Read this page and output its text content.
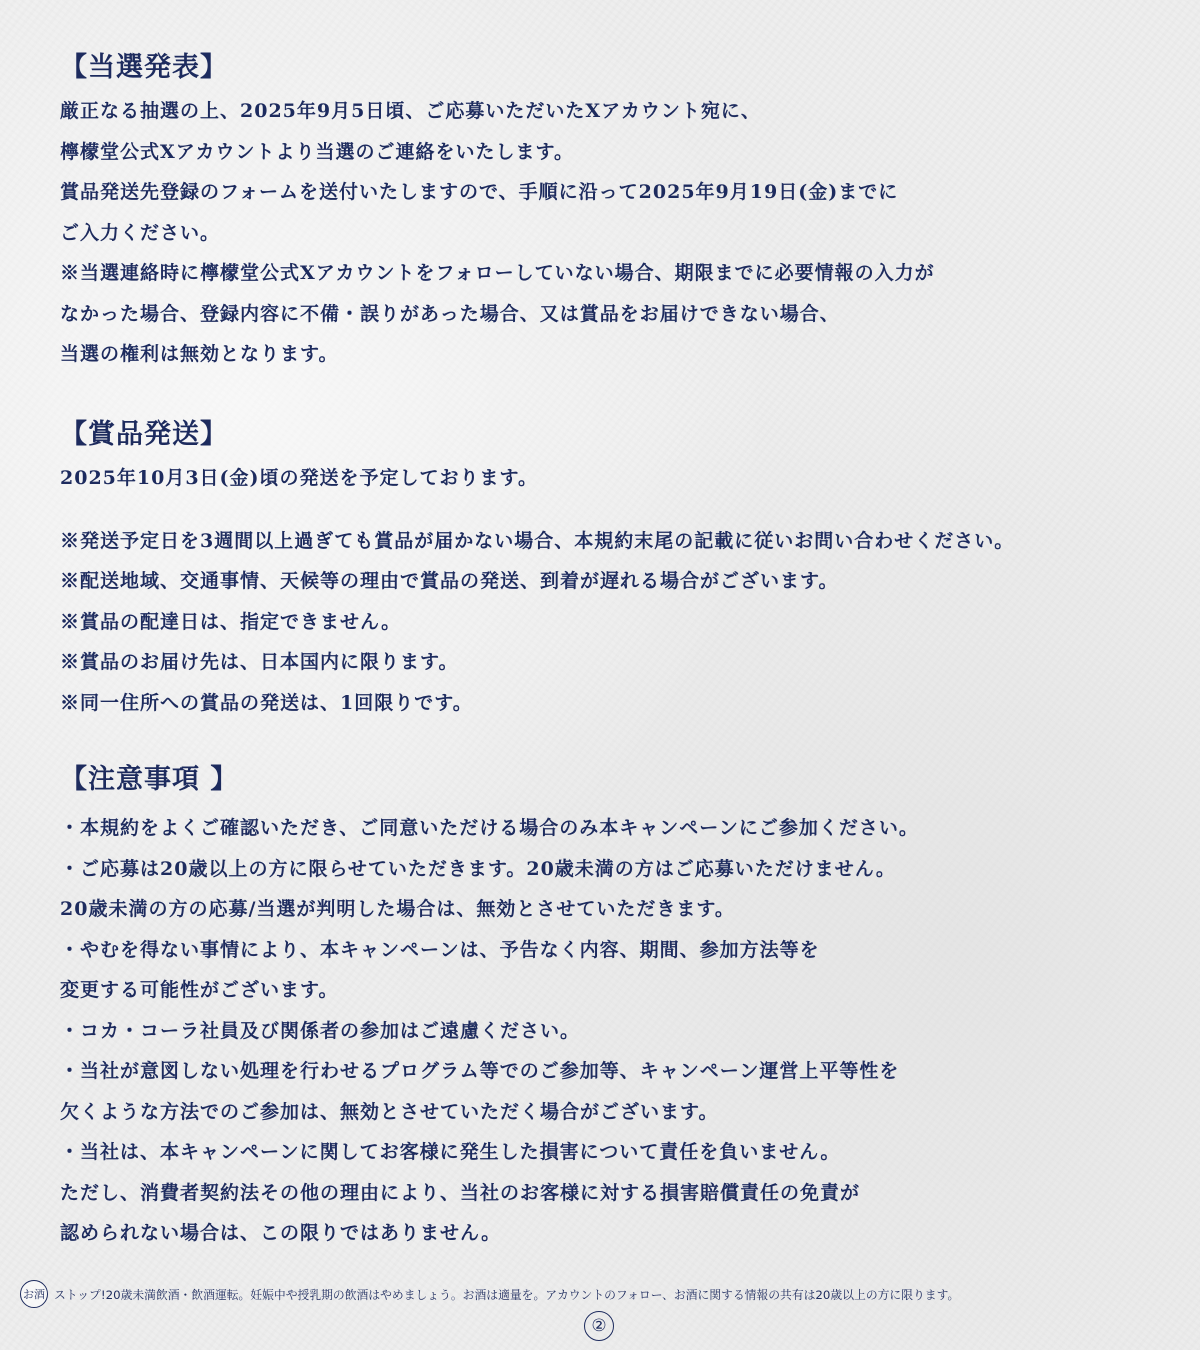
【当選発表】

厳正なる抽選の上、2025年9月5日頃、ご応募いただいたXアカウント宛に、

檸檬堂公式Xアカウントより当選のご連絡をいたします。

賞品発送先登録のフォームを送付いたしますので、手順に沿って2025年9月19日(金)までに

ご入力ください。

※当選連絡時に檸檬堂公式Xアカウントをフォローしていない場合、期限までに必要情報の入力が

なかった場合、登録内容に不備・誤りがあった場合、又は賞品をお届けできない場合、

当選の権利は無効となります。

【賞品発送】

2025年10月3日(金)頃の発送を予定しております。

※発送予定日を3週間以上過ぎても賞品が届かない場合、本規約末尾の記載に従いお問い合わせください。

※配送地域、交通事情、天候等の理由で賞品の発送、到着が遅れる場合がございます。

※賞品の配達日は、指定できません。

※賞品のお届け先は、日本国内に限ります。

※同一住所への賞品の発送は、1回限りです。

【注意事項 】

・本規約をよくご確認いただき、ご同意いただける場合のみ本キャンペーンにご参加ください。

・ご応募は20歳以上の方に限らせていただきます。20歳未満の方はご応募いただけません。

20歳未満の方の応募/当選が判明した場合は、無効とさせていただきます。

・やむを得ない事情により、本キャンペーンは、予告なく内容、期間、参加方法等を

変更する可能性がございます。

・コカ・コーラ社員及び関係者の参加はご遠慮ください。

・当社が意図しない処理を行わせるプログラム等でのご参加等、キャンペーン運営上平等性を

欠くような方法でのご参加は、無効とさせていただく場合がございます。

・当社は、本キャンペーンに関してお客様に発生した損害について責任を負いません。

ただし、消費者契約法その他の理由により、当社のお客様に対する損害賠償責任の免責が

認められない場合は、この限りではありません。

お酒 ストップ!20歳未満飲酒・飲酒運転。妊娠中や授乳期の飲酒はやめましょう。お酒は適量を。アカウントのフォロー、お酒に関する情報の共有は20歳以上の方に限ります。
②
